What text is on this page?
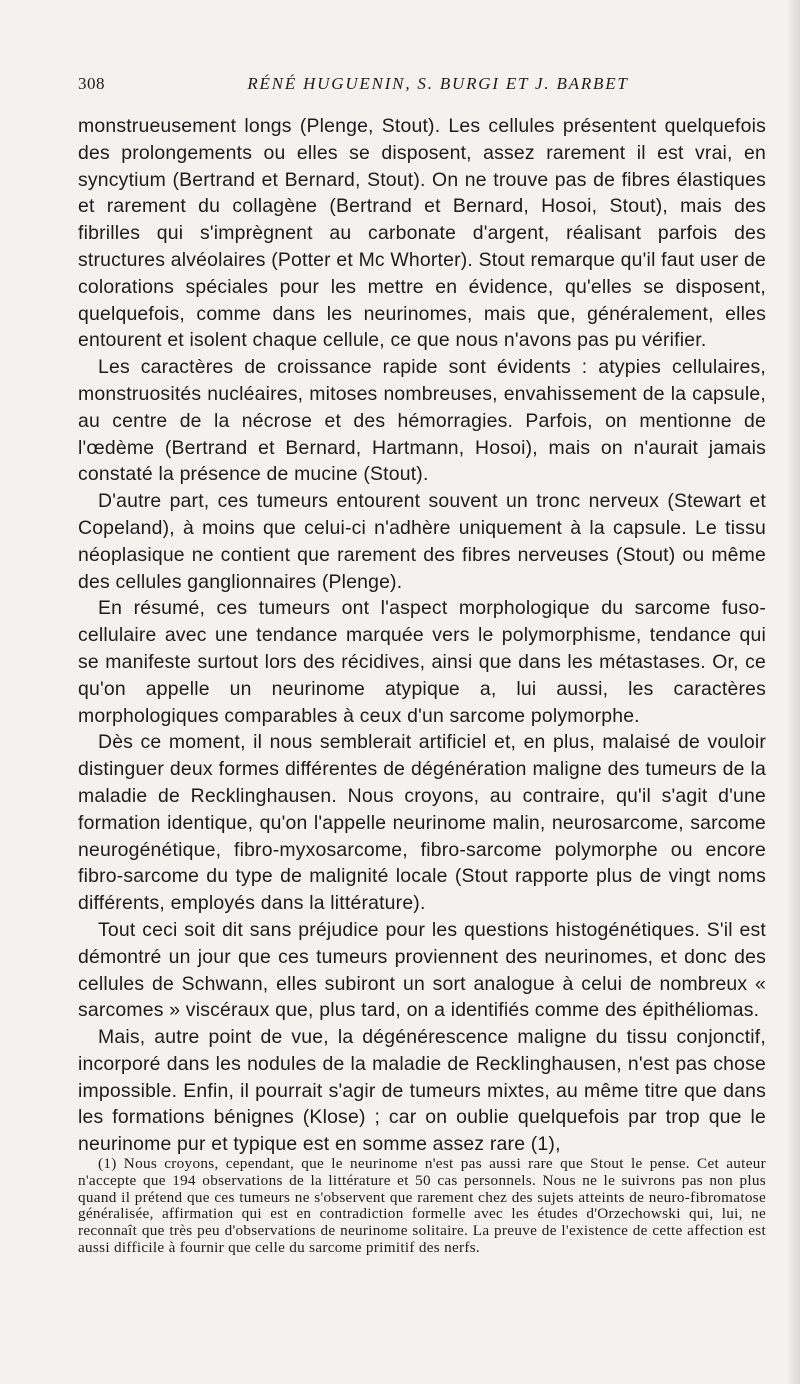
308	RÉNÉ HUGUENIN, S. BURGI ET J. BARBET

monstrueusement longs (Plenge, Stout). Les cellules présentent quelquefois des prolongements ou elles se disposent, assez rarement il est vrai, en syncytium (Bertrand et Bernard, Stout). On ne trouve pas de fibres élastiques et rarement du collagène (Bertrand et Bernard, Hosoi, Stout), mais des fibrilles qui s'imprègnent au carbonate d'argent, réalisant parfois des structures alvéolaires (Potter et Mc Whorter). Stout remarque qu'il faut user de colorations spéciales pour les mettre en évidence, qu'elles se disposent, quelquefois, comme dans les neurinomes, mais que, généralement, elles entourent et isolent chaque cellule, ce que nous n'avons pas pu vérifier.

Les caractères de croissance rapide sont évidents : atypies cellulaires, monstruosités nucléaires, mitoses nombreuses, envahissement de la capsule, au centre de la nécrose et des hémorragies. Parfois, on mentionne de l'œdème (Bertrand et Bernard, Hartmann, Hosoi), mais on n'aurait jamais constaté la présence de mucine (Stout).

D'autre part, ces tumeurs entourent souvent un tronc nerveux (Stewart et Copeland), à moins que celui-ci n'adhère uniquement à la capsule. Le tissu néoplasique ne contient que rarement des fibres nerveuses (Stout) ou même des cellules ganglionnaires (Plenge).

En résumé, ces tumeurs ont l'aspect morphologique du sarcome fuso-cellulaire avec une tendance marquée vers le polymorphisme, tendance qui se manifeste surtout lors des récidives, ainsi que dans les métastases. Or, ce qu'on appelle un neurinome atypique a, lui aussi, les caractères morphologiques comparables à ceux d'un sarcome polymorphe.

Dès ce moment, il nous semblerait artificiel et, en plus, malaisé de vouloir distinguer deux formes différentes de dégénération maligne des tumeurs de la maladie de Recklinghausen. Nous croyons, au contraire, qu'il s'agit d'une formation identique, qu'on l'appelle neurinome malin, neurosarcome, sarcome neurogénétique, fibro-myxosarcome, fibro-sarcome polymorphe ou encore fibro-sarcome du type de malignité locale (Stout rapporte plus de vingt noms différents, employés dans la littérature).

Tout ceci soit dit sans préjudice pour les questions histogénétiques. S'il est démontré un jour que ces tumeurs proviennent des neurinomes, et donc des cellules de Schwann, elles subiront un sort analogue à celui de nombreux « sarcomes » viscéraux que, plus tard, on a identifiés comme des épithéliomas.

Mais, autre point de vue, la dégénérescence maligne du tissu conjonctif, incorporé dans les nodules de la maladie de Recklinghausen, n'est pas chose impossible. Enfin, il pourrait s'agir de tumeurs mixtes, au même titre que dans les formations bénignes (Klose) ; car on oublie quelquefois par trop que le neurinome pur et typique est en somme assez rare (1),

(1) Nous croyons, cependant, que le neurinome n'est pas aussi rare que Stout le pense. Cet auteur n'accepte que 194 observations de la littérature et 50 cas personnels. Nous ne le suivrons pas non plus quand il prétend que ces tumeurs ne s'observent que rarement chez des sujets atteints de neuro-fibromatose généralisée, affirmation qui est en contradiction formelle avec les études d'Orzechowski qui, lui, ne reconnaît que très peu d'observations de neurinome solitaire. La preuve de l'existence de cette affection est aussi difficile à fournir que celle du sarcome primitif des nerfs.
